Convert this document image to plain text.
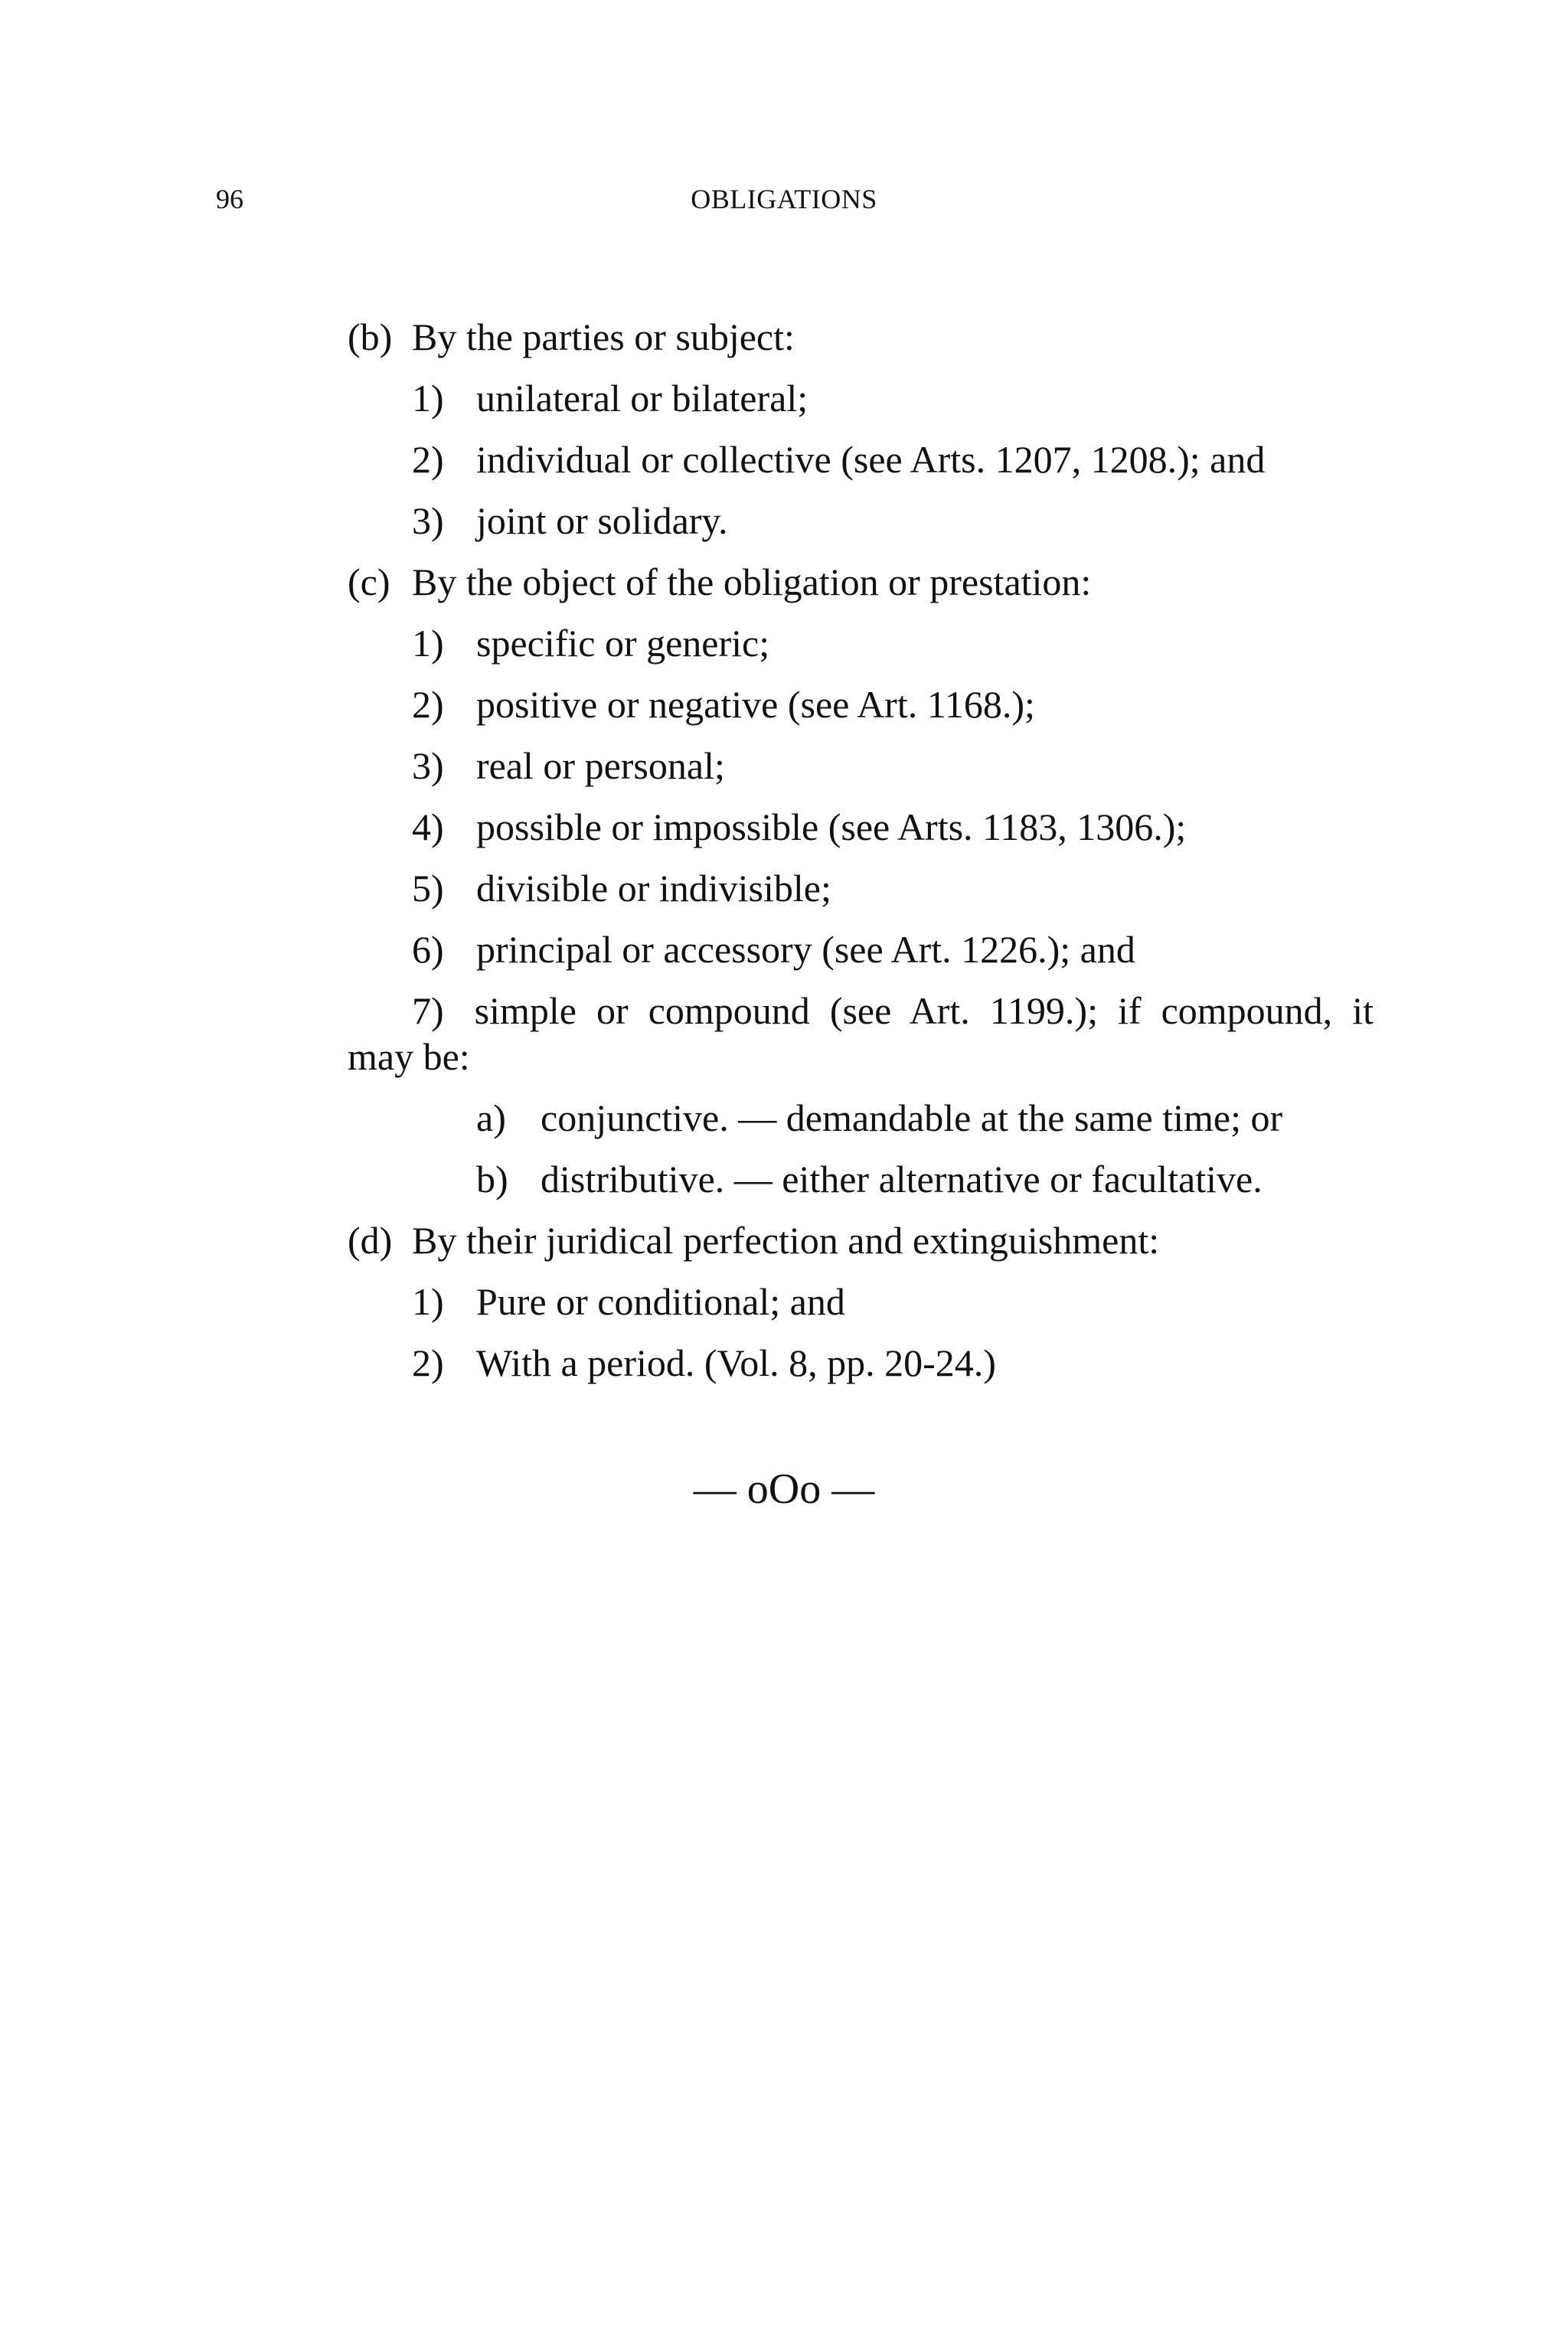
96	OBLIGATIONS
(b) By the parties or subject:
1) unilateral or bilateral;
2) individual or collective (see Arts. 1207, 1208.); and
3) joint or solidary.
(c) By the object of the obligation or prestation:
1) specific or generic;
2) positive or negative (see Art. 1168.);
3) real or personal;
4) possible or impossible (see Arts. 1183, 1306.);
5) divisible or indivisible;
6) principal or accessory (see Art. 1226.); and
7) simple or compound (see Art. 1199.); if compound, it
may be:
a) conjunctive. — demandable at the same time; or
b) distributive. — either alternative or facultative.
(d) By their juridical perfection and extinguishment:
1) Pure or conditional; and
2) With a period. (Vol. 8, pp. 20-24.)
— oOo —
